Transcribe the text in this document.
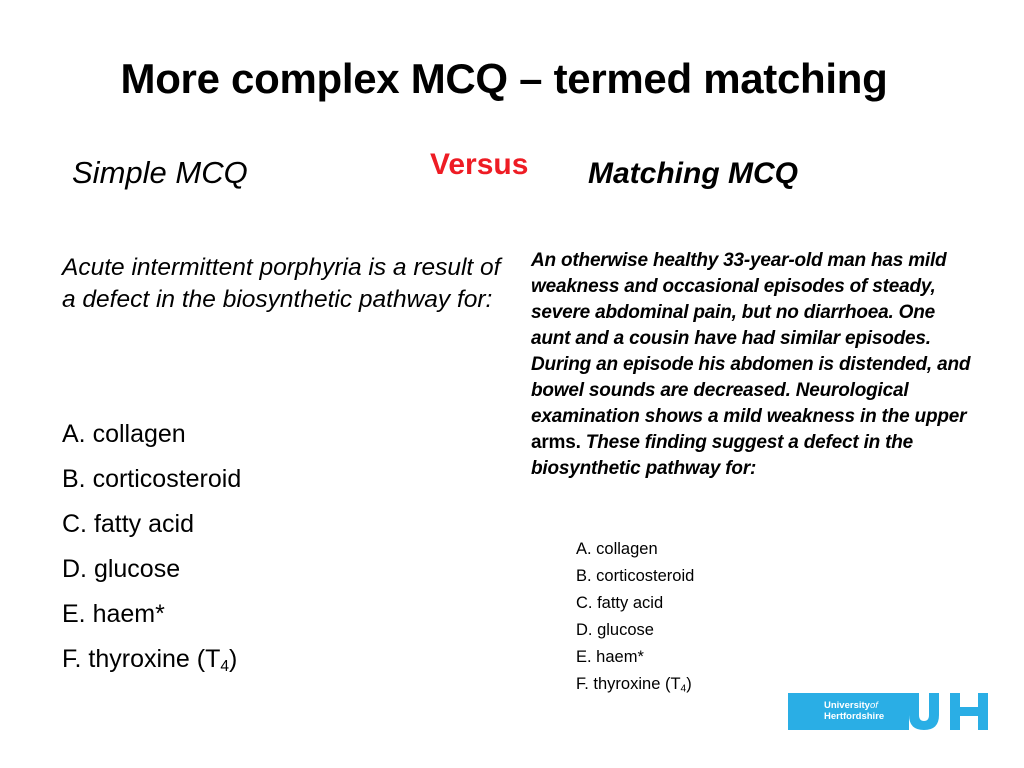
More complex MCQ – termed matching
Simple MCQ	Versus Matching MCQ
Acute intermittent porphyria is a result of a defect in the biosynthetic pathway for:
A. collagen
B. corticosteroid
C. fatty acid
D. glucose
E. haem*
F. thyroxine $(T_4)$
An otherwise healthy 33-year-old man has mild weakness and occasional episodes of steady, severe abdominal pain, but no diarrhoea. One aunt and a cousin have had similar episodes. During an episode his abdomen is distended, and bowel sounds are decreased. Neurological examination shows a mild weakness in the upper arms. These finding suggest a defect in the biosynthetic pathway for:
A. collagen
B. corticosteroid
C. fatty acid
D. glucose
E. haem*
F. thyroxine $(T_4)$
Universityof
Hertfordshire
